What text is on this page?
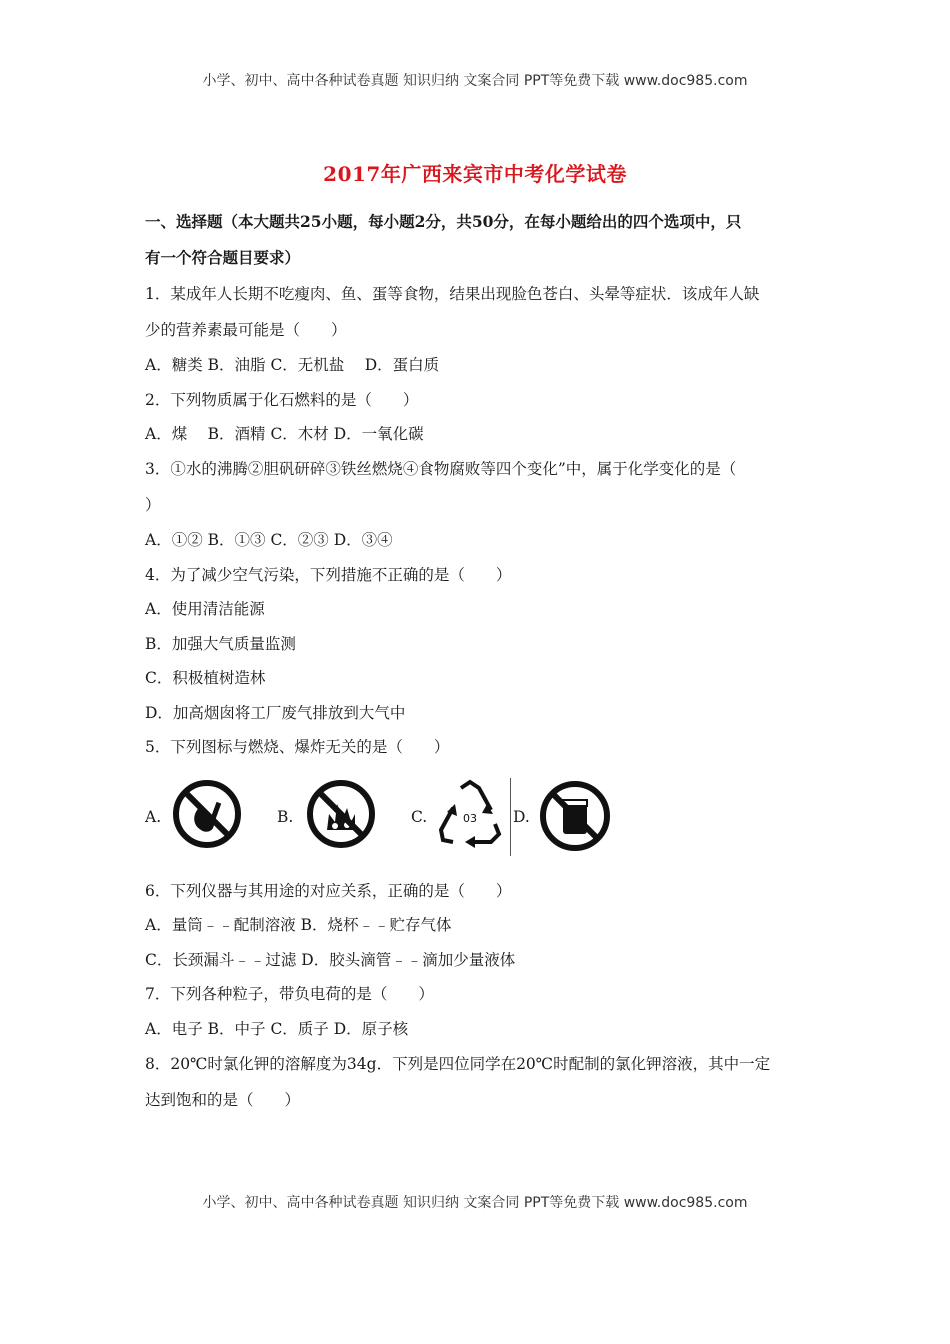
小学、初中、高中各种试卷真题 知识归纳 文案合同 PPT等免费下载 www.doc985.com
2017年广西来宾市中考化学试卷
一、选择题（本大题共25小题，每小题2分，共50分，在每小题给出的四个选项中，只
有一个符合题目要求）
1．某成年人长期不吃瘦肉、鱼、蛋等食物，结果出现脸色苍白、头晕等症状．该成年人缺
少的营养素最可能是（　　）
A．糖类 B．油脂 C．无机盐　 D．蛋白质
2．下列物质属于化石燃料的是（　　）
A．煤　 B．酒精 C．木材 D．一氧化碳
3．①水的沸腾②胆矾研碎③铁丝燃烧④食物腐败等四个变化”中，属于化学变化的是（
）
A．①② B．①③ C．②③ D．③④
4．为了减少空气污染，下列措施不正确的是（　　）
A．使用清洁能源
B．加强大气质量监测
C．积极植树造林
D．加高烟囱将工厂废气排放到大气中
5．下列图标与燃烧、爆炸无关的是（　　）
A.	B.	C.	03 D.
6．下列仪器与其用途的对应关系，正确的是（　　）
A．量筒﹣﹣配制溶液 B．烧杯﹣﹣贮存气体
C．长颈漏斗﹣﹣过滤 D．胶头滴管﹣﹣滴加少量液体
7．下列各种粒子，带负电荷的是（　　）
A．电子 B．中子 C．质子 D．原子核
8．20℃时氯化钾的溶解度为34g．下列是四位同学在20℃时配制的氯化钾溶液，其中一定
达到饱和的是（　　）
小学、初中、高中各种试卷真题 知识归纳 文案合同 PPT等免费下载 www.doc985.com
